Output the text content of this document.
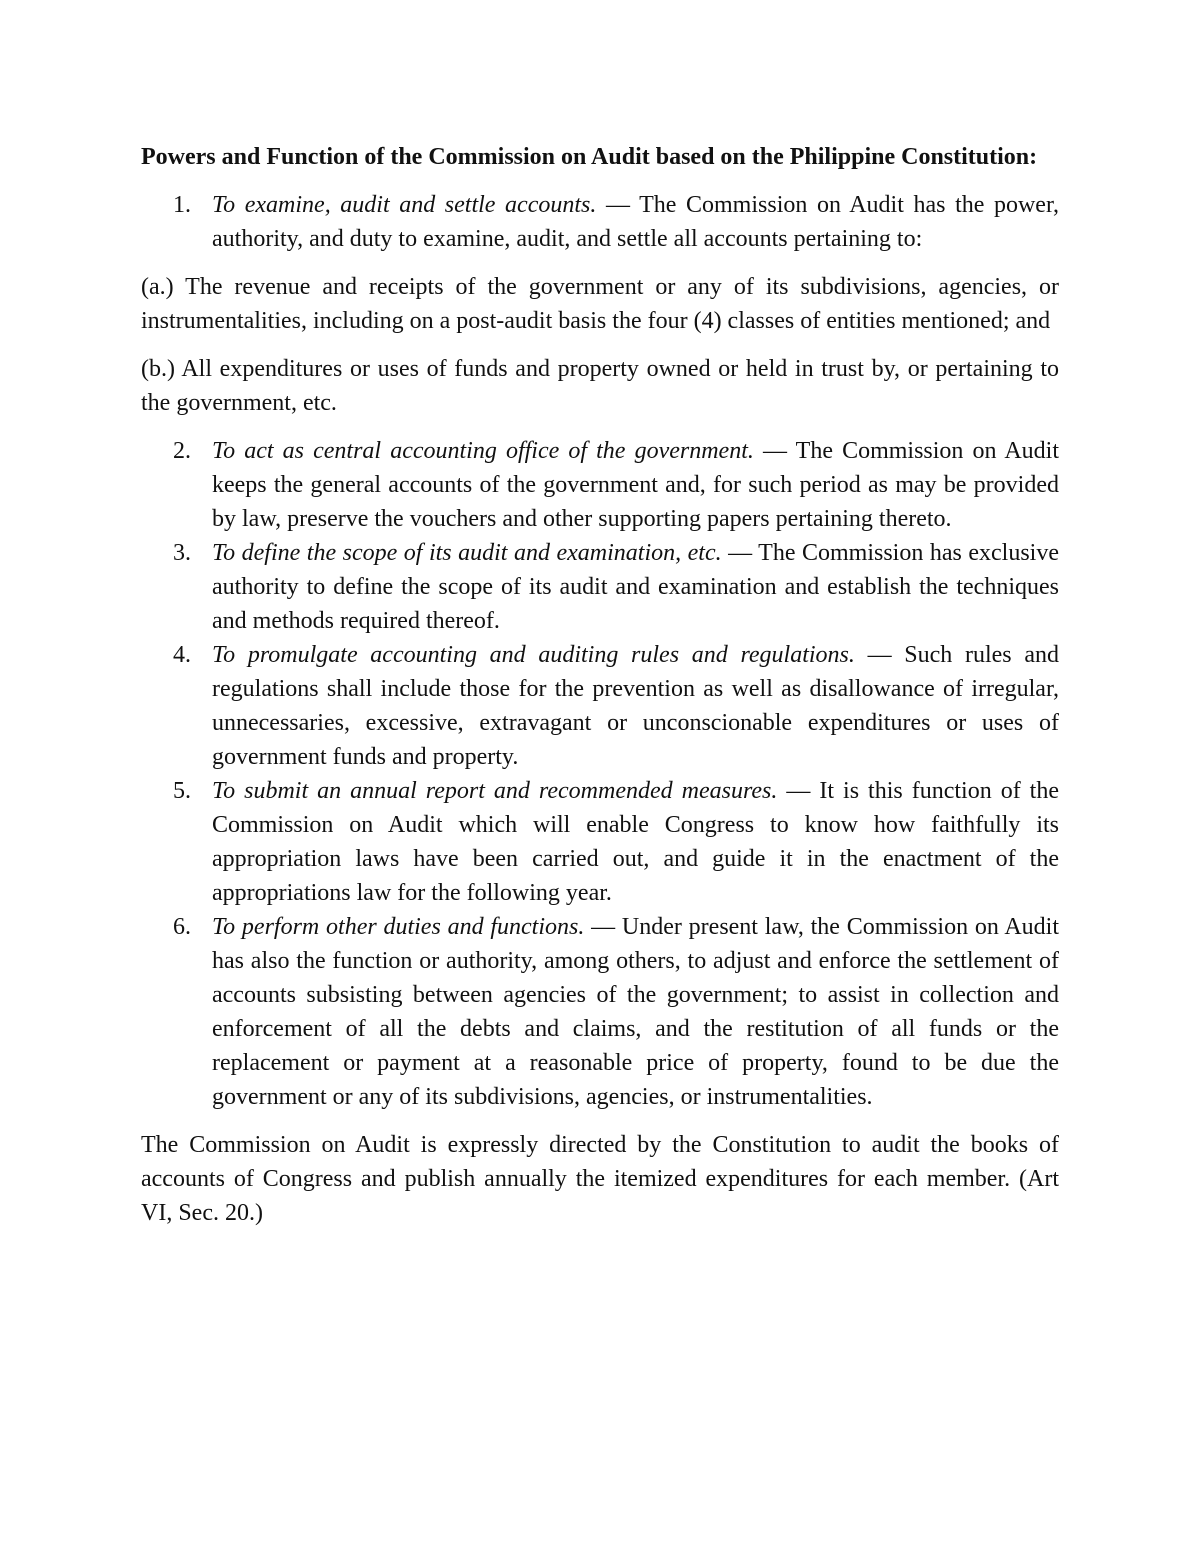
Powers and Function of the Commission on Audit based on the Philippine Constitution:

1. To examine, audit and settle accounts. — The Commission on Audit has the power, authority, and duty to examine, audit, and settle all accounts pertaining to:

(a.) The revenue and receipts of the government or any of its subdivisions, agencies, or instrumentalities, including on a post-audit basis the four (4) classes of entities mentioned; and

(b.) All expenditures or uses of funds and property owned or held in trust by, or pertaining to the government, etc.

2. To act as central accounting office of the government. — The Commission on Audit keeps the general accounts of the government and, for such period as may be provided by law, preserve the vouchers and other supporting papers pertaining thereto.
3. To define the scope of its audit and examination, etc. — The Commission has exclusive authority to define the scope of its audit and examination and establish the techniques and methods required thereof.
4. To promulgate accounting and auditing rules and regulations. — Such rules and regulations shall include those for the prevention as well as disallowance of irregular, unnecessaries, excessive, extravagant or unconscionable expenditures or uses of government funds and property.
5. To submit an annual report and recommended measures. — It is this function of the Commission on Audit which will enable Congress to know how faithfully its appropriation laws have been carried out, and guide it in the enactment of the appropriations law for the following year.
6. To perform other duties and functions. — Under present law, the Commission on Audit has also the function or authority, among others, to adjust and enforce the settlement of accounts subsisting between agencies of the government; to assist in collection and enforcement of all the debts and claims, and the restitution of all funds or the replacement or payment at a reasonable price of property, found to be due the government or any of its subdivisions, agencies, or instrumentalities.

The Commission on Audit is expressly directed by the Constitution to audit the books of accounts of Congress and publish annually the itemized expenditures for each member. (Art VI, Sec. 20.)
